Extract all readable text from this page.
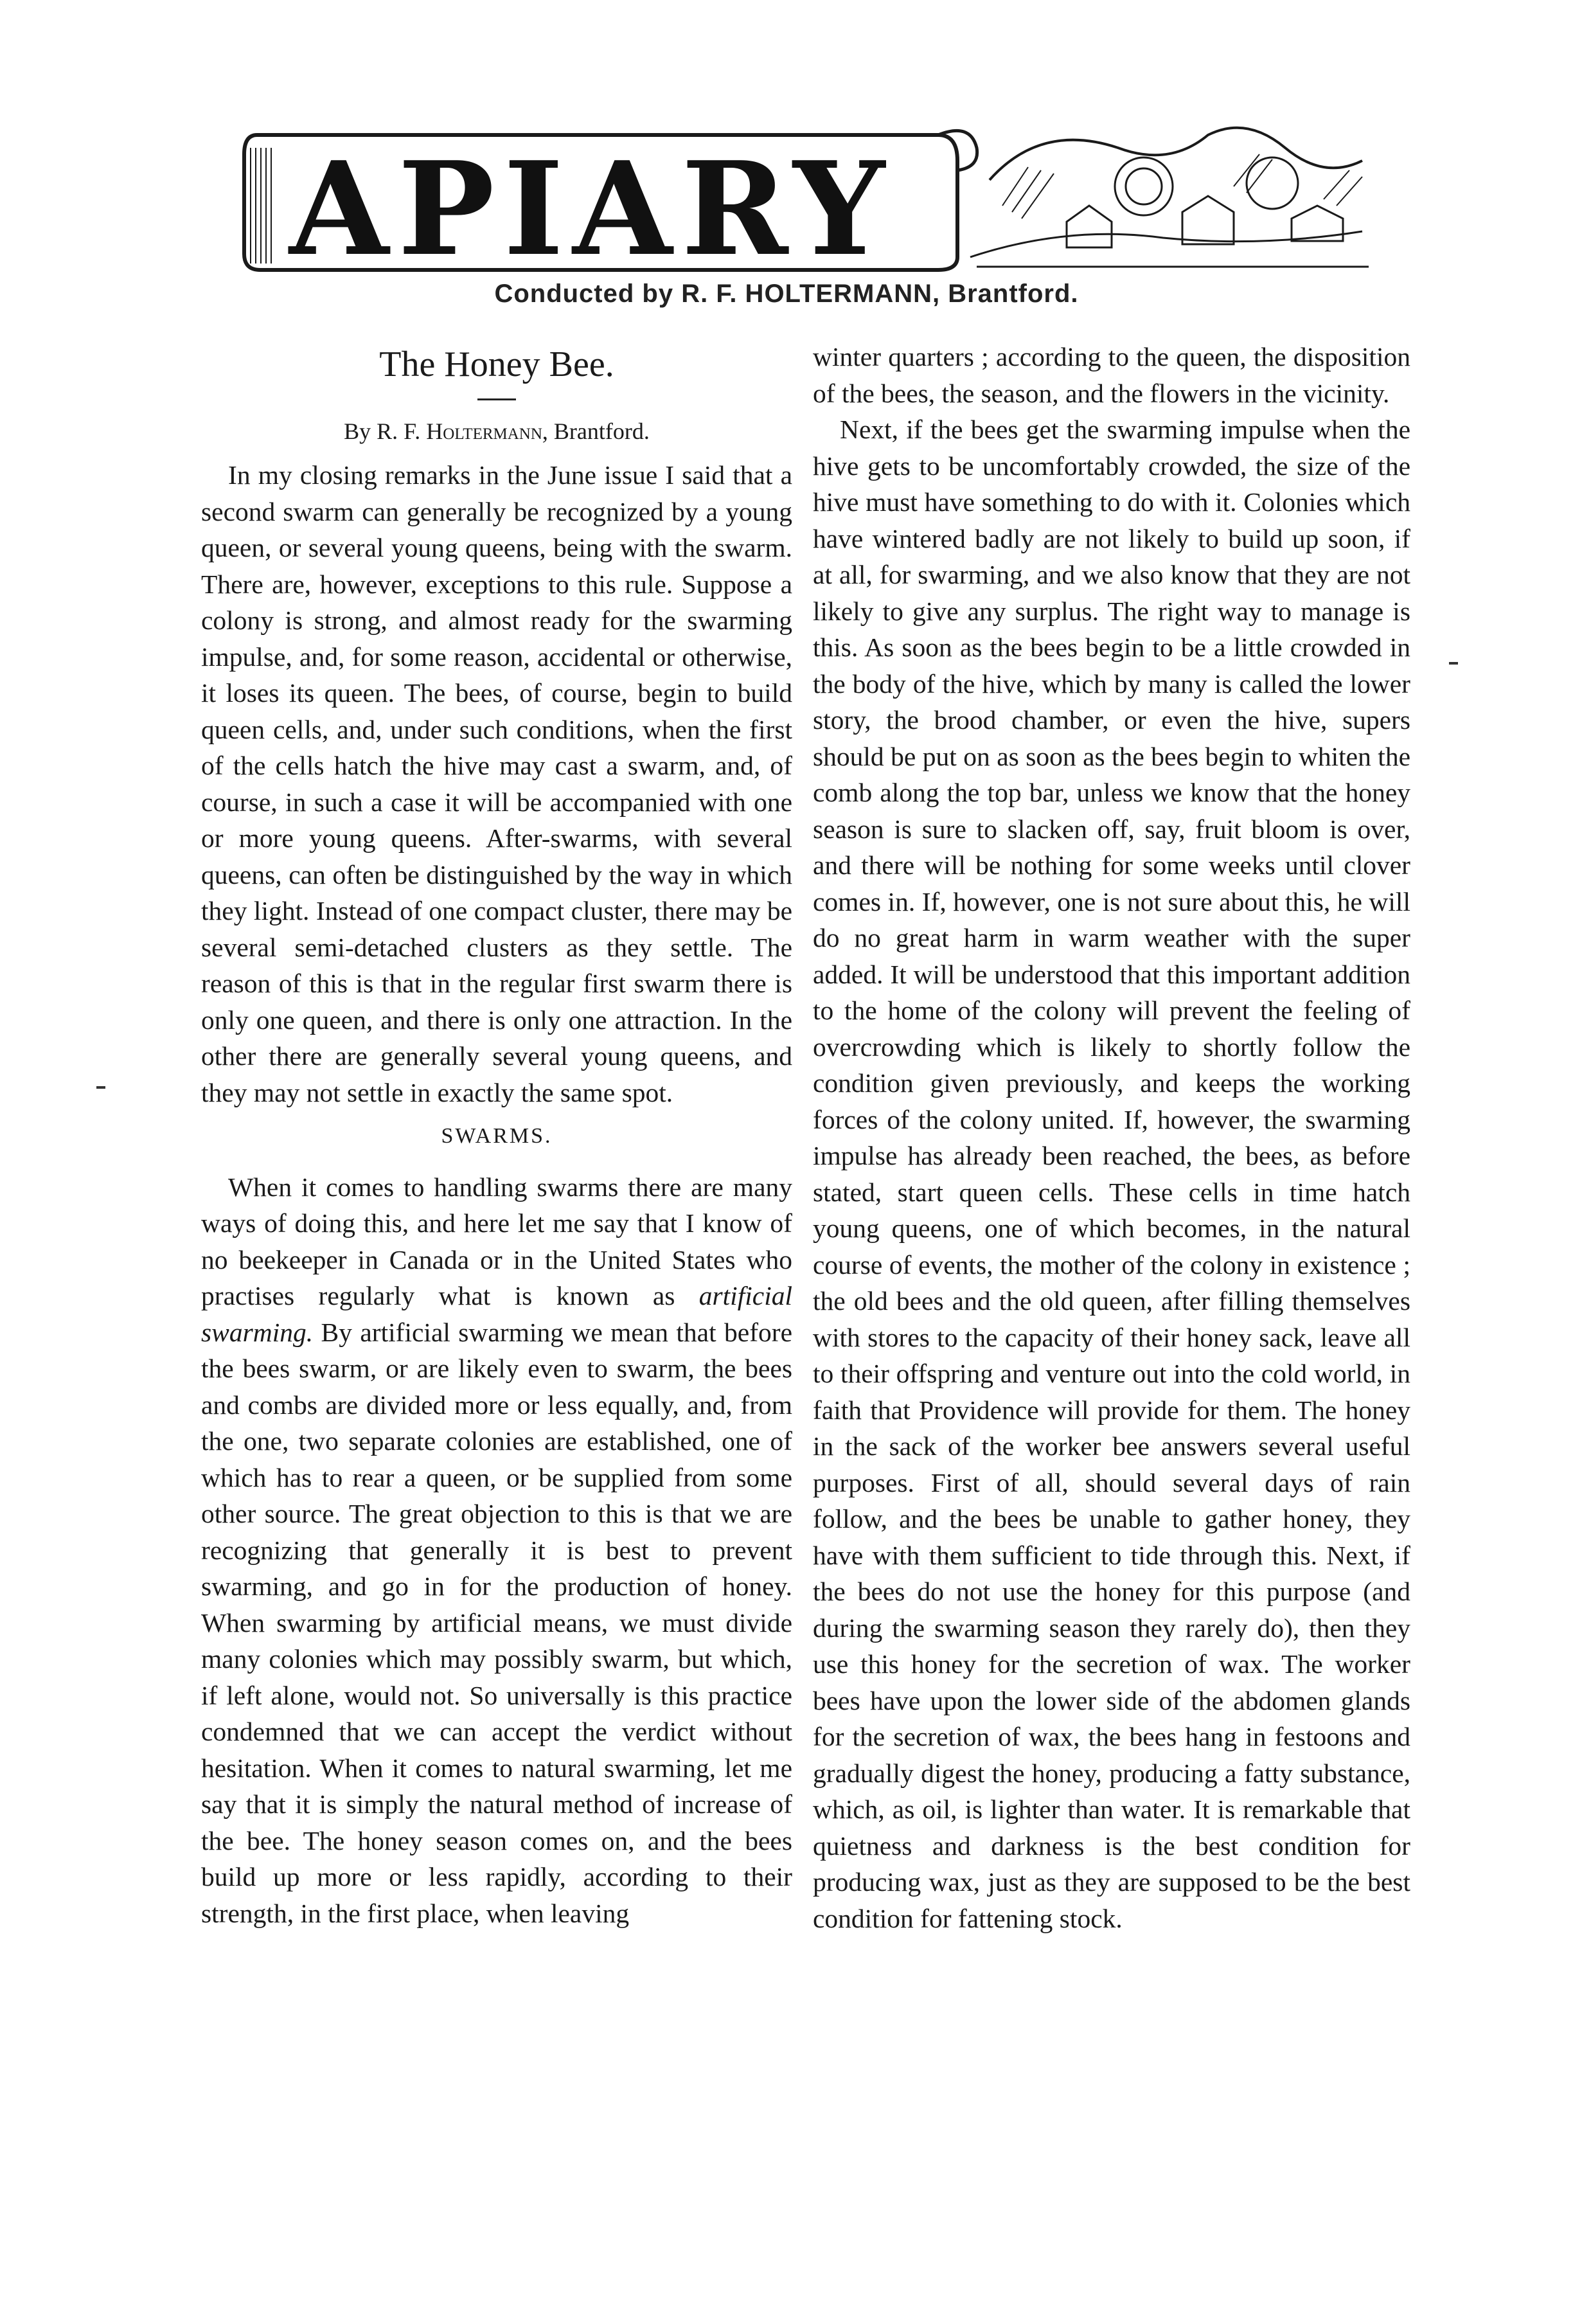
APIARY
Conducted by R. F. HOLTERMANN, Brantford.
The Honey Bee.
By R. F. Holtermann, Brantford.

In my closing remarks in the June issue I said that a second swarm can generally be recognized by a young queen, or several young queens, being with the swarm. There are, however, exceptions to this rule. Suppose a colony is strong, and almost ready for the swarming impulse, and, for some reason, accidental or otherwise, it loses its queen. The bees, of course, begin to build queen cells, and, under such conditions, when the first of the cells hatch the hive may cast a swarm, and, of course, in such a case it will be accompanied with one or more young queens. After-swarms, with several queens, can often be distinguished by the way in which they light. Instead of one compact cluster, there may be several semi-detached clusters as they settle. The reason of this is that in the regular first swarm there is only one queen, and there is only one attraction. In the other there are generally several young queens, and they may not settle in exactly the same spot.

SWARMS.

When it comes to handling swarms there are many ways of doing this, and here let me say that I know of no beekeeper in Canada or in the United States who practises regularly what is known as artificial swarming. By artificial swarming we mean that before the bees swarm, or are likely even to swarm, the bees and combs are divided more or less equally, and, from the one, two separate colonies are established, one of which has to rear a queen, or be supplied from some other source. The great objection to this is that we are recognizing that generally it is best to prevent swarming, and go in for the production of honey. When swarming by artificial means, we must divide many colonies which may possibly swarm, but which, if left alone, would not. So universally is this practice condemned that we can accept the verdict without hesitation. When it comes to natural swarming, let me say that it is simply the natural method of increase of the bee. The honey season comes on, and the bees build up more or less rapidly, according to their strength, in the first place, when leaving

winter quarters ; according to the queen, the disposition of the bees, the season, and the flowers in the vicinity.

Next, if the bees get the swarming impulse when the hive gets to be uncomfortably crowded, the size of the hive must have something to do with it. Colonies which have wintered badly are not likely to build up soon, if at all, for swarming, and we also know that they are not likely to give any surplus. The right way to manage is this. As soon as the bees begin to be a little crowded in the body of the hive, which by many is called the lower story, the brood chamber, or even the hive, supers should be put on as soon as the bees begin to whiten the comb along the top bar, unless we know that the honey season is sure to slacken off, say, fruit bloom is over, and there will be nothing for some weeks until clover comes in. If, however, one is not sure about this, he will do no great harm in warm weather with the super added. It will be understood that this important addition to the home of the colony will prevent the feeling of overcrowding which is likely to shortly follow the condition given previously, and keeps the working forces of the colony united. If, however, the swarming impulse has already been reached, the bees, as before stated, start queen cells. These cells in time hatch young queens, one of which becomes, in the natural course of events, the mother of the colony in existence ; the old bees and the old queen, after filling themselves with stores to the capacity of their honey sack, leave all to their offspring and venture out into the cold world, in faith that Providence will provide for them. The honey in the sack of the worker bee answers several useful purposes. First of all, should several days of rain follow, and the bees be unable to gather honey, they have with them sufficient to tide through this. Next, if the bees do not use the honey for this purpose (and during the swarming season they rarely do), then they use this honey for the secretion of wax. The worker bees have upon the lower side of the abdomen glands for the secretion of wax, the bees hang in festoons and gradually digest the honey, producing a fatty substance, which, as oil, is lighter than water. It is remarkable that quietness and darkness is the best condition for producing wax, just as they are supposed to be the best condition for fattening stock.
